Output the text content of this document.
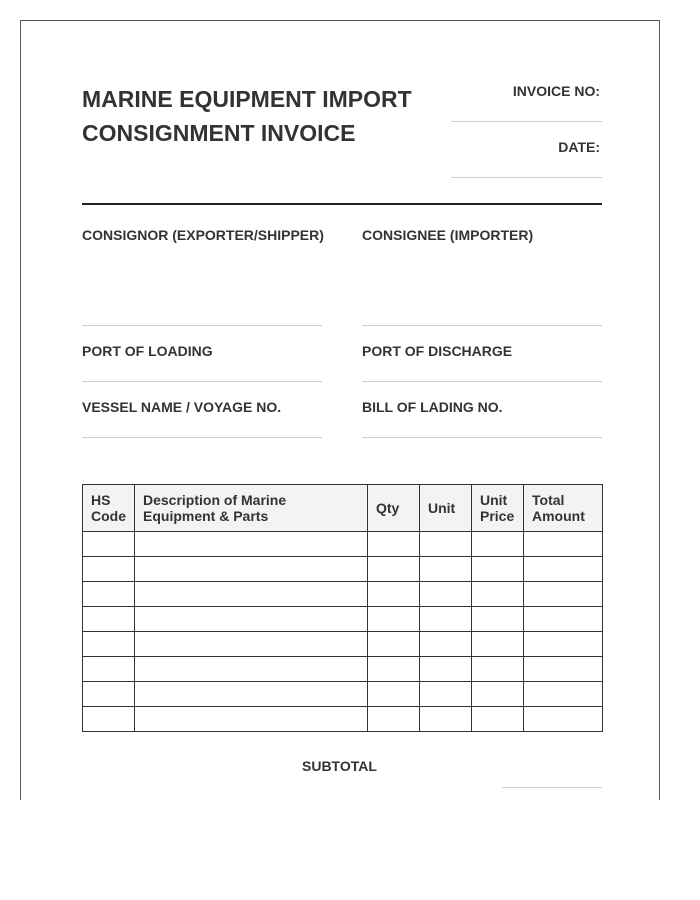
MARINE EQUIPMENT IMPORT
CONSIGNMENT INVOICE
INVOICE NO:
DATE:
CONSIGNOR (EXPORTER/SHIPPER)	CONSIGNEE (IMPORTER)
PORT OF LOADING	PORT OF DISCHARGE
VESSEL NAME / VOYAGE NO.	BILL OF LADING NO.
HS Code	Description of Marine Equipment & Parts	Qty	Unit	Unit Price	Total Amount

SUBTOTAL
